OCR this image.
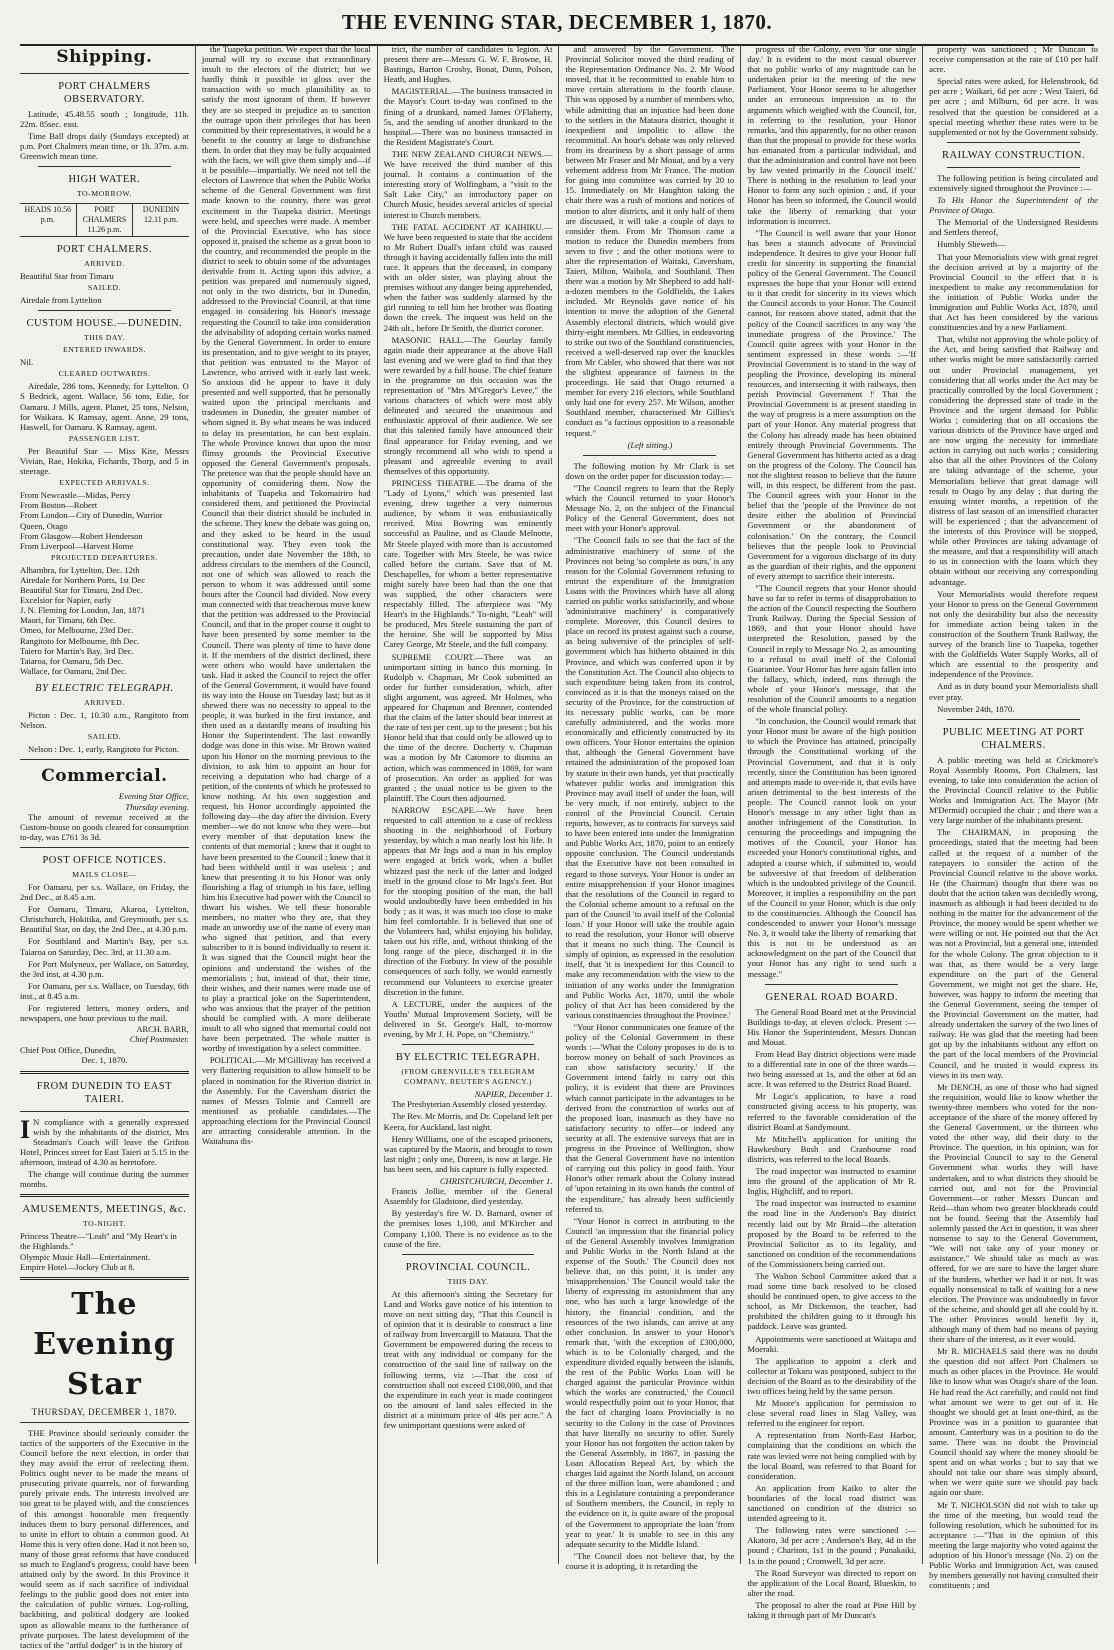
THE EVENING STAR, DECEMBER 1, 1870.
Shipping.
PORT CHALMERS OBSERVATORY.
Latitude, 45.48.55 south ; longitude, 11h. 22m. 85sec. east.
Time Ball drops daily (Sundays excepted) at p.m. Port Chalmers mean time, or 1h. 37m. a.m. Greenwich mean time.
HIGH WATER.
TO-MORROW.
HEADS 10.56 p.m.
PORT CHALMERS 11.26 p.m.
DUNEDIN 12.11 p.m.
PORT CHALMERS.
ARRIVED.
Beautiful Star from Timaru
SAILED.
Airedale from Lyttelton
CUSTOM HOUSE.—DUNEDIN.
THIS DAY.
ENTERED INWARDS.
Nil.
CLEARED OUTWARDS.
Airedale, 286 tons, Kennedy, for Lyttelton. O S Bedrick, agent. Wallace, 56 tons, Edie, for Oamaru. J Mills, agent. Planet, 25 tons, Nelson, for Waikara. K Ramsay, agent. Anne, 29 tons, Haswell, for Oamaru. K Ramsay, agent.
PASSENGER LIST.
Per Beautiful Star — Miss Kite, Messrs Vivian, Rae, Hokika, Fichards, Thorp, and 5 in steerage.
EXPECTED ARRIVALS.
From Newcastle—Midas, Percy
From Boston—Robert
From London—City of Dunedin, Warrior Queen, Otago
From Glasgow—Robert Henderson
From Liverpool—Harvest Home
PROJECTED DEPARTURES.
Alhambra, for Lyttelton, Dec. 12th
Airedale for Northern Ports, 1st Dec
Beautiful Star for Timaru, 2nd Dec.
Excelsior for Napier, early
J. N. Fleming for London, Jan, 1871
Maori, for Timaru, 6th Dec.
Omeo, for Melbourne, 23rd Dec.
Rangitoto for Melbourne, 8th Dec.
Taiero for Martin's Bay, 3rd Dec.
Taiaroa, for Oamaru, 5th Dec.
Wallace, for Oamaru, 2nd Dec.
BY ELECTRIC TELEGRAPH.
ARRIVED.
Picton : Dec. 1, 10.30 a.m., Rangitoto from Nelson.
SAILED.
Nelson : Dec. 1, early, Rangitoto for Picton.
Commercial.
Evening Star Office,
Thursday evening.
The amount of revenue received at the Custom-house on goods cleared for consumption to-day, was £761 3s 3d.
POST OFFICE NOTICES.
MAILS CLOSE—
For Oamaru, per s.s. Wallace, on Friday, the 2nd Dec., at 8.45 a.m.
For Oamaru, Timaru, Akaroa, Lyttelton, Christchurch, Hokitika, and Greymouth, per s.s. Beautiful Star, on day, the 2nd Dec., at 4.30 p.m.
For Southland and Martin's Bay, per s.s. Taiaroa on Saturday, Dec. 3rd, at 11.30 a.m.
For Port Molyneux, per Wallace, on Saturday, the 3rd inst, at 4.30 p.m.
For Oamaru, per s.s. Wallace, on Tuesday, 6th inst., at 8.45 a.m.
For registered letters, money orders, and newspapers, one hour previous to the mail.
ARCH. BARR,
Chief Postmaster.
Chief Post Office, Dunedin,
Dec. 1, 1870.
FROM DUNEDIN TO EAST TAIERI.
I N compliance with a generally expressed wish by the inhabitants of the district, Mrs Steadman's Coach will leave the Grifton Hotel, Princes street for East Taieri at 5.15 in the afternoon, instead of 4.30 as heretofore.
The change will continue during the summer months.
AMUSEMENTS, MEETINGS, &c.
TO-NIGHT.
Princess Theatre—"Leah" and "My Heart's in the Highlands."
Olympic Music Hall—Entertainment.
Empire Hotel—Jockey Club at 8.
The Evening Star
THURSDAY, DECEMBER 1, 1870.
THE Province should seriously consider the tactics of the supporters of the Executive in the Council before the next election, in order that they may avoid the error of reelecting them. Politics ought never to be made the means of prosecuting private quarrels, nor of forwarding purely private ends. The interests involved are too great to be played with, and the consciences of this amongst honorable men frequently induces them to bury personal differences, and to unite in effort to obtain a common good. At Home this is very often done. Had it not been so, many of those great reforms that have conduced so much to England's progress, could have been attained only by the sword. In this Province it would seem as if such sacrifice of individual feelings to the public good does not enter into the calculation of public virtues. Log-rolling, backbiting, and political dodgery are looked upon as allowable means to the furtherance of private purposes. The latest development of the tactics of the "artful dodger" is in the history of
the Tuapeka petition. We expect that the local journal will try to excuse that extraordinary insult to the electors of the district; but we hardly think it possible to gloss over the transaction with so much plausibility as to satisfy the most ignorant of them. If however they are so steeped in prejudice as to sanction the outrage upon their privileges that has been committed by their representatives, it would be a benefit to the country at large to disfranchise them. In order that they may be fully acquainted with the facts, we will give them simply and—if it be possible—impartially. We need not tell the electors of Lawrence that when the Public Works scheme of the General Government was first made known to the country, there was great excitement in the Tuapeka district. Meetings were held, and speeches were made. A member of the Provincial Executive, who has since opposed it, praised the scheme as a great boon to the country, and recommended the people in the district to seek to obtain some of the advantages derivable from it. Acting upon this advice, a petition was prepared and numerously signed, not only in the two districts, but in Dunedin, addressed to the Provincial Council, at that time engaged in considering his Honor's message requesting the Council to take into consideration the advisability of adopting certain works named by the General Government. In order to ensure its presentation, and to give weight to its prayer, that petition was entrusted to the Mayor of Lawrence, who arrived with it early last week. So anxious did he appear to have it duly presented and well supported, that he personally waited upon the principal merchants and tradesmen in Dunedin, the greater number of whom signed it. By what means he was induced to delay its presentation, he can best explain. The whole Province knows that upon the most flimsy grounds the Provincial Executive opposed the General Government's proposals. The pretence was that the people should have an opportunity of considering them. Now the inhabitants of Tuapeka and Tokomairiro had considered them, and petitioned the Provincial Council that their district should be included in the scheme. They knew the debate was going on, and they asked to be heard in the usual constitutional way. They even took the precaution, under date November the 18th, to address circulars to the members of the Council, not one of which was allowed to reach the person to whom it was addressed until some hours after the Council had divided. Now every man connected with that treacherous move knew that the petition was addressed to the Provincial Council, and that in the proper course it ought to have been presented by some member to the Council. There was plenty of time to have done it. If the members of the district declined, there were others who would have undertaken the task. Had it asked the Council to reject the offer of the General Government, it would have found its way into the House on Tuesday last; but as it shewed there was no necessity to appeal to the people, it was burked in the first instance, and then used as a dastardly means of insulting his Honor the Superintendent. The last cowardly dodge was done in this wise. Mr Brown waited upon his Honor on the morning previous to the division, to ask him to appoint an hour for receiving a deputation who had charge of a petition, of the contents of which he professed to know nothing. At his own suggestion and request, his Honor accordingly appointed the following day—the day after the division. Every member—we do not know who they were—but every member of that deputation knew the contents of that memorial ; knew that it ought to have been presented to the Council ; knew that it had been withheld until it was useless ; and knew that presenting it to his Honor was only flourishing a flag of triumph in his face, telling him his Executive had power with the Council to thwart his wishes. We tell these honorable members, no matter who they are, that they made an unworthy use of the name of every man who signed that petition, and that every subscriber to it is bound individually to resent it. It was signed that the Council might hear the opinions and understand the wishes of the memorialists ; but, instead of that, their time, their wishes, and their names were made use of to play a practical joke on the Superintendent, who was anxious that the prayer of the petition should be complied with. A more deliberate insult to all who signed that memorial could not have been perpetrated. The whole matter is worthy of investigation by a select committee.
POLITICAL.—Mr M'Gillivray has received a very flattering requisition to allow himself to be placed in nomination for the Riverton district in the Assembly. For the Caversham district the names of Messrs Tolmie and Cantrell are mentioned as probable candidates.—The approaching elections for the Provincial Council are attracting considerable attention. In the Waitahuna dis-
trict, the number of candidates is legion. At present there are—Messrs G. W. F. Browne, H. Bastings, Barton Crosby, Bonat, Dunn, Polson, Heath, and Hughes.
MAGISTERIAL.—The business transacted in the Mayor's Court to-day was confined to the fining of a drunkard, named James O'Flaherty, 5s, and the sending of another drunkard to the hospital.—There was no business transacted in the Resident Magistrate's Court.
THE NEW ZEALAND CHURCH NEWS.—We have received the third number of this journal. It contains a continuation of the interesting story of Wolfingham, a "visit to the Salt Lake City," an introductory paper on Church Music, besides several articles of special interest to Church members.
THE FATAL ACCIDENT AT KAIHIKU.—We have been requested to state that the accident to Mr Robert Duall's infant child was caused through it having accidentally fallen into the mill race. It appears that the deceased, in company with an older sister, was playing about the premises without any danger being apprehended, when the father was suddenly alarmed by the girl running to tell him her brother was floating down the creek. The inquest was held on the 24th ult., before Dr Smith, the district coroner.
MASONIC HALL.—The Gourlay family again made their appearance at the above Hall last evening and we were glad to find that they were rewarded by a full house. The chief feature in the programme on this occasion was the representation of "Mrs M'Gregor's Levee," the various characters of which were most ably delineated and secured the unanimous and enthusiastic approval of their audience. We see that this talented family have announced their final appearance for Friday evening, and we strongly recommend all who wish to spend a pleasant and agreeable evening to avail themselves of this opportunity.
PRINCESS THEATRE.—The drama of the "Lady of Lyons," which was presented last evening, drew together a very numerous audience, by whom it was enthusiastically received. Miss Bowring was eminently successful as Pauline, and as Claude Melnotte, Mr Steele played with more than is accustomed care. Together with Mrs Steele, he was twice called before the curtain. Save that of M. Deschapelles, for whom a better representative might surely have been had than the one that was supplied, the other characters were respectably filled. The afterpiece was "My Heart's in the Highlands." To-night, "Leah" will be produced, Mrs Steele sustaining the part of the heroine. She will be supported by Miss Carey George, Mr Steele, and the full company.
SUPREME COURT.—There was an unimportant sitting in banco this morning. In Rudolph v. Chapman, Mr Cook submitted an order for further consideration, which, after slight argument, was agreed. Mr Holmes, who appeared for Chapman and Brenner, contended that the claim of the latter should bear interest at the rate of ten per cent. up to the present ; but his Honor held that that could only be allowed up to the time of the decree. Docherty v. Chapman was a motion by Mr Catomore to dismiss an action, which was commenced in 1869, for want of prosecution. An order as applied for was granted ; the usual notice to be given to the plaintiff. The Court then adjourned.
NARROW ESCAPE.—We have been requested to call attention to a case of reckless shooting in the neighborhood of Forbury yesterday, by which a man nearly lost his life. It appears that Mr Ings and a man in his employ were engaged at brick work, when a bullet whizzed past the neck of the latter and lodged itself in the ground close to Mr Ings's feet. But for the stooping position of the man, the ball would undoubtedly have been embedded in his body ; as it was, it was much too close to make him feel comfortable. It is believed that one of the Volunteers had, whilst enjoying his holiday, taken out his rifle, and, without thinking of the long range of the piece, discharged it in the direction of the Forbury. In view of the possible consequences of such folly, we would earnestly recommend our Volunteers to exercise greater discretion in the future.
A LECTURE, under the auspices of the Youths' Mutual Improvement Society, will be delivered in St. George's Hall, to-morrow evening, by Mr J. H. Pope, on "Chemistry."
BY ELECTRIC TELEGRAPH.
(FROM GRENVILLE'S TELEGRAM COMPANY, REUTER'S AGENCY.)
NAPIER, December 1.
The Presbyterian Assembly closed yesterday.
The Rev. Mr Morris, and Dr. Copeland left per Keera, for Auckland, last night.
Henry Williams, one of the escaped prisoners, was captured by the Maoris, and brought to town last night ; only one, Dureen, is now at large. He has been seen, and his capture is fully expected.
CHRISTCHURCH, December 1.
Francis Jollie, member of the General Assembly for Gladstone, died yesterday.
By yesterday's fire W. D. Barnard, owner of the premises loses 1,100, and M'Kircher and Company 1,100. There is no evidence as to the cause of the fire.
PROVINCIAL COUNCIL.
THIS DAY.
At this afternoon's sitting the Secretary for Land and Works gave notice of his intention to move on next sitting day, "That this Council is of opinion that it is desirable to construct a line of railway from Invercargill to Mataura. That the Government be empowered during the recess to treat with any individual or company for the construction of the said line of railway on the following terms, viz :—That the cost of construction shall not exceed £100,000, and that the expenditure in each year is made contingent on the amount of land sales effected in the district at a minimum price of 40s per acre." A few unimportant questions were asked of
and answered by the Government. The Provincial Solicitor moved the third reading of the Representation Ordinance No. 2. Mr Wood moved, that it be recommitted to enable him to move certain alterations in the fourth clause. This was opposed by a number of members who, while admitting that an injustice had been done to the settlers in the Mataura district, thought it inexpedient and impolitic to allow the recommittal. An hour's debate was only relieved from its dreariness by a short passage of arms between Mr Fraser and Mr Mouat, and by a very vehement address from Mr France. The motion for going into committee was carried by 20 to 15. Immediately on Mr Haughton taking the chair there was a rush of motions and notices of motion to alter districts, and it only half of them are discussed, it will take a couple of days to consider them. From Mr Thomson came a motion to reduce the Dunedin members from seven to five ; and the other motions were to alter the representation of Waitaki, Caversham, Taieri, Milton, Waihola, and Southland. Then there was a motion by Mr Shepherd to add half-a-dozen members to the Goldfields, the Lakes included. Mr Reynolds gave notice of his intention to move the adoption of the General Assembly electoral districts, which would give thirty-eight members. Mr Gillies, in endeavoring to strike out two of the Southland constituencies, received a well-deserved rap over the knuckles from Mr Cabler, who showed that there was not the slightest appearance of fairness in the proceedings. He said that Otago returned a member for every 216 electors, while Southland only had one for every 257. Mr Wilson, another Southland member, characterised Mr Gillies's conduct as "a factious opposition to a reasonable request."
(Left sitting.)
The following motion by Mr Clark is set down on the order paper for discussion today:—
"The Council regrets to learn that the Reply which the Council returned to your Honor's Message No. 2, on the subject of the Financial Policy of the General Government, does not meet with your Honor's approval.
"The Council fails to see that the fact of the administrative machinery of some of the Provinces not being 'so complete as ours,' is any reason for the Colonial Government refusing to entrust the expenditure of the Immigration Loans with the Provinces which have all along carried on public works satisfactorily, and whose 'administrative machinery' is comparatively complete. Moreover, this Council desires to place on record its protest against such a course, as being subversive of the principles of self-government which has hitherto obtained in this Province, and which was conferred upon it by the Constitution Act. The Council also objects to such expenditure being taken from its control, convinced as it is that the moneys raised on the security of the Province, for the construction of its necessary public works, can be more carefully administered, and the works more economically and efficiently constructed by its own officers. Your Honor entertains the opinion that, although the General Government have retained the administration of the proposed loan by statute in their own hands, yet that practically whatever public works and immigration this Province may avail itself of under the loan, will be very much, if not entirely, subject to the control of the Provincial Council. Certain reports, however, as to contracts for surveys said to have been entered into under the Immigration and Public Works Act, 1870, point to an entirely opposite conclusion. The Council understands that the Executive have not been consulted in regard to those surveys. Your Honor is under an entire misapprehension if your Honor imagines that the resolutions of the Council in regard to the Colonial scheme amount to a refusal on the part of the Council 'to avail itself of the Colonial loan.' If your Honor will take the trouble again to read the resolution, your Honor will observe that it means no such thing. The Council is simply of opinion, as expressed in the resolution itself, that 'it is inexpedient for this Council to make any recommendation with the view to the initiation of any works under the Immigration and Public Works Act, 1870, until the whole policy of that Act has been considered by the various constituencies throughout the Province.'
"Your Honor communicates one feature of the policy of the Colonial Government in these words :—'What the Colony proposes to do is to borrow money on behalf of such Provinces as can show satisfactory security.' If the Government intend fairly to carry out this policy, it is evident that there are Provinces which cannot participate in the advantages to be derived from the construction of works out of the proposed loan, inasmuch as they have no satisfactory security to offer—or indeed any security at all. The extensive surveys that are in progress in the Province of Wellington, show that the General Government have no intention of carrying out this policy in good faith. Your Honor's other remark about the Colony instead of 'upon retaining in its own hands the control of the expenditure,' has already been sufficiently referred to.
"Your Honor is correct in attributing to the Council 'an impression that the financial policy of the General Assembly involves Immigration and Public Works in the North Island at the expense of the South.' The Council does not believe that, on this point, it is under any 'misapprehension.' The Council would take the liberty of expressing its astonishment that any one, who has such a large knowledge of the history, the financial condition, and the resources of the two islands, can arrive at any other conclusion. In answer to your Honor's remark that, 'with the exception of £300,000, which is to be Colonially charged, and the expenditure divided equally between the islands, the rest of the Public Works Loan will be charged against the particular Province within which the works are constructed,' the Council would respectfully point out to your Honor, that the fact of charging loans Provincially is no security to the Colony in the case of Provinces that have literally no security to offer. Surely your Honor has not forgotten the action taken by the General Assembly, in 1867, in passing the Loan Allocation Repeal Act, by which the charges laid against the North Island, on account of the three million loan, were abandoned ; and this in a Legislature containing a preponderance of Southern members, the Council, in reply to the evidence on it, is quite aware of the proposal of the Government to appropriate the loan 'from year to year.' It is unable to see in this any adequate security to the Middle Island.
"The Council does not believe that, by the course it is adopting, it is retarding the
progress of the Colony, even 'for one single day.' It is evident to the most casual observer that no public works of any magnitude can be undertaken prior to the meeting of the new Parliament. Your Honor seems to be altogether under an erroneous impression as to the arguments which weighed with the Council, for, in referring to the resolution, your Honor remarks, 'and this apparently, for no other reason than that the proposal to provide for these works has emanated from a particular individual, and that the administration and control have not been by law vested primarily in the Council itself.' There is nothing in the resolution to lead your Honor to form any such opinion ; and, if your Honor has been so informed, the Council would take the liberty of remarking that your information is incorrect.
"The Council is well aware that your Honor has been a staunch advocate of Provincial independence. It desires to give your Honor full credit for sincerity in supporting the financial policy of the General Government. The Council expresses the hope that your Honor will extend to it that credit for sincerity in its views which the Council accords to your Honor. The Council cannot, for reasons above stated, admit that the policy of the Council sacrifices in any way 'the immediate progress of the Province.' The Council quite agrees with your Honor in the sentiment expressed in these words :—'If Provincial Government is to stand in the way of peopling the Province, developing its mineral resources, and intersecting it with railways, then perish Provincial Government !' That the Provincial Government is at present standing in the way of progress is a mere assumption on the part of your Honor. Any material progress that the Colony has already made has been obtained entirely through Provincial Governments. The General Government has hitherto acted as a drag on the progress of the Colony. The Council has not the slightest reason to believe that the future will, in this respect, be different from the past. The Council agrees with your Honor in the belief that the 'people of the Province do not desire either the abolition of Provincial Government or the abandonment of colonisation.' On the contrary, the Council believes that the people look to Provincial Government for a vigorous discharge of its duty as the guardian of their rights, and the opponent of every attempt to sacrifice their interests.
"The Council regrets that your Honor should have so far to refer in terms of disapprobation to the action of the Council respecting the Southern Trunk Railway. During the Special Session of 1869, and that your Honor should have interpreted the Resolution, passed by the Council in reply to Message No. 2, as amounting to a refusal to avail itself of the Colonial Guarantee. Your Honor has here again fallen into the fallacy, which, indeed, runs through the whole of your Honor's message, that the resolution of the Council amounts to a negation of the whole financial policy.
"In conclusion, the Council would remark that your Honor must be aware of the high position to which the Province has attained, principally through the Constitutional working of the Provincial Government, and that it is only recently, since the Constitution has been ignored and attempts made to over-ride it, that evils have arisen detrimental to the best interests of the people. The Council cannot look on your Honor's message in any other light than as another infringement of the Constitution. In censuring the proceedings and impugning the motives of the Council, your Honor has exceeded your Honor's constitutional rights, and adopted a course which, if submitted to, would be subversive of that freedom of deliberation which is the undoubted privilege of the Council. Moreover, it implies a responsibility on the part of the Council to your Honor, which is due only to the constituencies. Although the Council has condescended to answer your Honor's message No. 3, it would take the liberty of remarking that this is not to be understood as an acknowledgment on the part of the Council that your Honor has any right to send such a message."
GENERAL ROAD BOARD.
The General Road Board met at the Provincial Buildings to-day, at eleven o'clock. Present :—His Honor the Superintendent, Messrs Duncan and Mouat.
From Head Bay district objections were made to a differential rate in one of the three wards—two being assessed at 1s, and the other at 6d an acre. It was referred to the District Road Board.
Mr Logic's application, to have a road constructed giving access to his property, was referred to the favorable consideration of the district Board at Sandymount.
Mr Mitchell's application for uniting the Hawkesbury Bush and Cranbourne road districts, was referred to the local Boards.
The road inspector was instructed to examine into the ground of the application of Mr R. Inglis, Highcliff, and to report.
The road inspector was instructed to examine the road line in the Anderson's Bay district recently laid out by Mr Braid—the alteration proposed by the Board to be referred to the Provincial Solicitor as to its legality, and sanctioned on condition of the recommendations of the Commissioners being carried out.
The Walton School Committee asked that a road some time back resolved to be closed should be continued open, to give access to the school, as Mr Dickenson, the teacher, had prohibited the children going to it through his paddock. Leave was granted.
Appointments were sanctioned at Waitapa and Moeraki.
The application to appoint a clerk and collector at Tokaru was postponed, subject to the decision of the Board as to the desirability of the two offices being held by the same person.
Mr Moore's application for permission to close several road lines in Slag Valley, was referred to the engineer for report.
A representation from North-East Harbor, complaining that the conditions on which the rate was levied were not being complied with by the local Board, was referred to that Board for consideration.
An application from Kaiko to alter the boundaries of the local road district was sanctioned on condition of the district so intended agreeing to it.
The following rates were sanctioned :—Akatoro, 3d per acre ; Anderson's Bay, 4d in the pound ; Chariton, 1s1 in the pound ; Punakaiki, 1s in the pound ; Cromwell, 3d per acre.
The Road Surveyor was directed to report on the application of the Local Board, Blueskin, to alter the road.
The proposal to alter the road at Pine Hill by taking it through part of Mr Duncan's
property was sanctioned ; Mr Duncan to receive compensation at the rate of £10 per half acre.
Special rates were asked, for Helensbrook, 6d per acre ; Waikari, 6d per acre ; West Taieri, 6d per acre ; and Milburn, 6d per acre. It was resolved that the question be considered at a special meeting whether these rates were to be supplemented or not by the Government subsidy.
RAILWAY CONSTRUCTION.
The following petition is being circulated and extensively signed throughout the Province :—
To His Honor the Superintendent of the Province of Otago.
The Memorial of the Undersigned Residents and Settlers thereof,
Humbly Sheweth—
That your Memorialists view with great regret the decision arrived at by a majority of the Provincial Council to the effect that it is inexpedient to make any recommendation for the initiation of Public Works under the Immigration and Public Works Act, 1870, until that Act has been considered by the various constituencies and by a new Parliament.
That, whilst not approving the whole policy of the Act, and being satisfied that Railway and other works might be more satisfactorily carried out under Provincial management, yet considering that all works under the Act may be practically controlled by the local Government ; considering the depressed state of trade in the Province and the urgent demand for Public Works ; considering that on all occasions the various districts of the Province have urged and are now urging the necessity for immediate action in carrying out such works ; considering also that all the other Provinces of the Colony are taking advantage of the scheme, your Memorialists believe that great damage will result to Otago by any delay ; that during the ensuing winter months, a repetition of the distress of last season of an intensified character will be experienced ; that the advancement of the interests of this Province will be stopped, while other Provinces are taking advantage of the measure, and that a responsibility will attach to us in connection with the loans which they obtain without our receiving any corresponding advantage.
Your Memorialists would therefore request your Honor to press on the General Government not only the desirability but also the necessity for immediate action being taken in the construction of the Southern Trunk Railway, the survey of the branch line to Tuapeka, together with the Goldfields Water Supply Works, all of which are essential to the prosperity and independence of the Province.
And as in duty bound your Memorialists shall ever pray.
November 24th, 1870.
PUBLIC MEETING AT PORT CHALMERS.
A public meeting was held at Crickmore's Royal Assembly Rooms, Port Chalmers, last evening, to take into consideration the action of the Provincial Council relative to the Public Works and Immigration Act. The Mayor (Mr M'Dermid) occupied the chair ; and there was a very large number of the inhabitants present.
The CHAIRMAN, in proposing the proceedings, stated that the meeting had been called at the request of a number of the ratepayers to consider the action of the Provincial Council relative to the above works. He (the Chairman) thought that there was no doubt that the action taken was decidedly wrong, inasmuch as although it had been decided to do nothing in the matter for the advancement of the Province, the money would be spent whether we were willing or not. He pointed out that the Act was not a Provincial, but a general one, intended for the whole Colony. The great objection to it was that, as there would be a very large expenditure on the part of the General Government, we might not get the share. He, however, was happy to inform the meeting that the General Government, seeing the temper of the Provincial Government on the matter, had already undertaken the survey of the two lines of railway. He was glad that the meeting had been got up by the inhabitants without any effort on the part of the local members of the Provincial Council, and he trusted it would express its views in its own way.
Mr DENCH, as one of those who had signed the requisition, would like to know whether the twenty-three members who voted for the non-acceptance of the share of the money offered by the General Government, or the thirteen who voted the other way, did their duty to the Province. The question, in his opinion, was for the Provincial Council to say to the General Government what works they will have undertaken, and to what districts they should be carried out, and not for the Provincial Government—or rather Messrs Duncan and Reid—than whom two greater blockheads could not be found. Seeing that the Assembly had solemnly passed the Act in question, it was sheer nonsense to say to the General Government, "We will not take any of your money or assistance." We should take as much as was offered, for we are sure to have the larger share of the burdens, whether we had it or not. It was equally nonsensical to talk of waiting for a new election. The Province was undoubtedly in favor of the scheme, and should get all she could by it. The other Provinces would benefit by it, although many of them had no means of paying their share of the interest, as it ever would.
Mr R. MICHAELS said there was no doubt the question did not affect Port Chalmers so much as other places in the Province. He would like to know what was Otago's share of the loan. He had read the Act carefully, and could not find what amount we were to get out of it. He thought we should get at least one-third, as the Province was in a position to guarantee that amount. Canterbury was in a position to do the same. There was no doubt the Provincial Council should say where the money should be spent and on what works ; but to say that we should not take our share was simply absurd, when we were quite sure we should pay back again our share.
Mr T. NICHOLSON did not wish to take up the time of the meeting, but would read the following resolution, which he submitted for its acceptance :—"That in the opinion of this meeting the large majority who voted against the adoption of his Honor's message (No. 2) on the Public Works and Immigration Act, was caused by members generally not having consulted their constituents ; and
